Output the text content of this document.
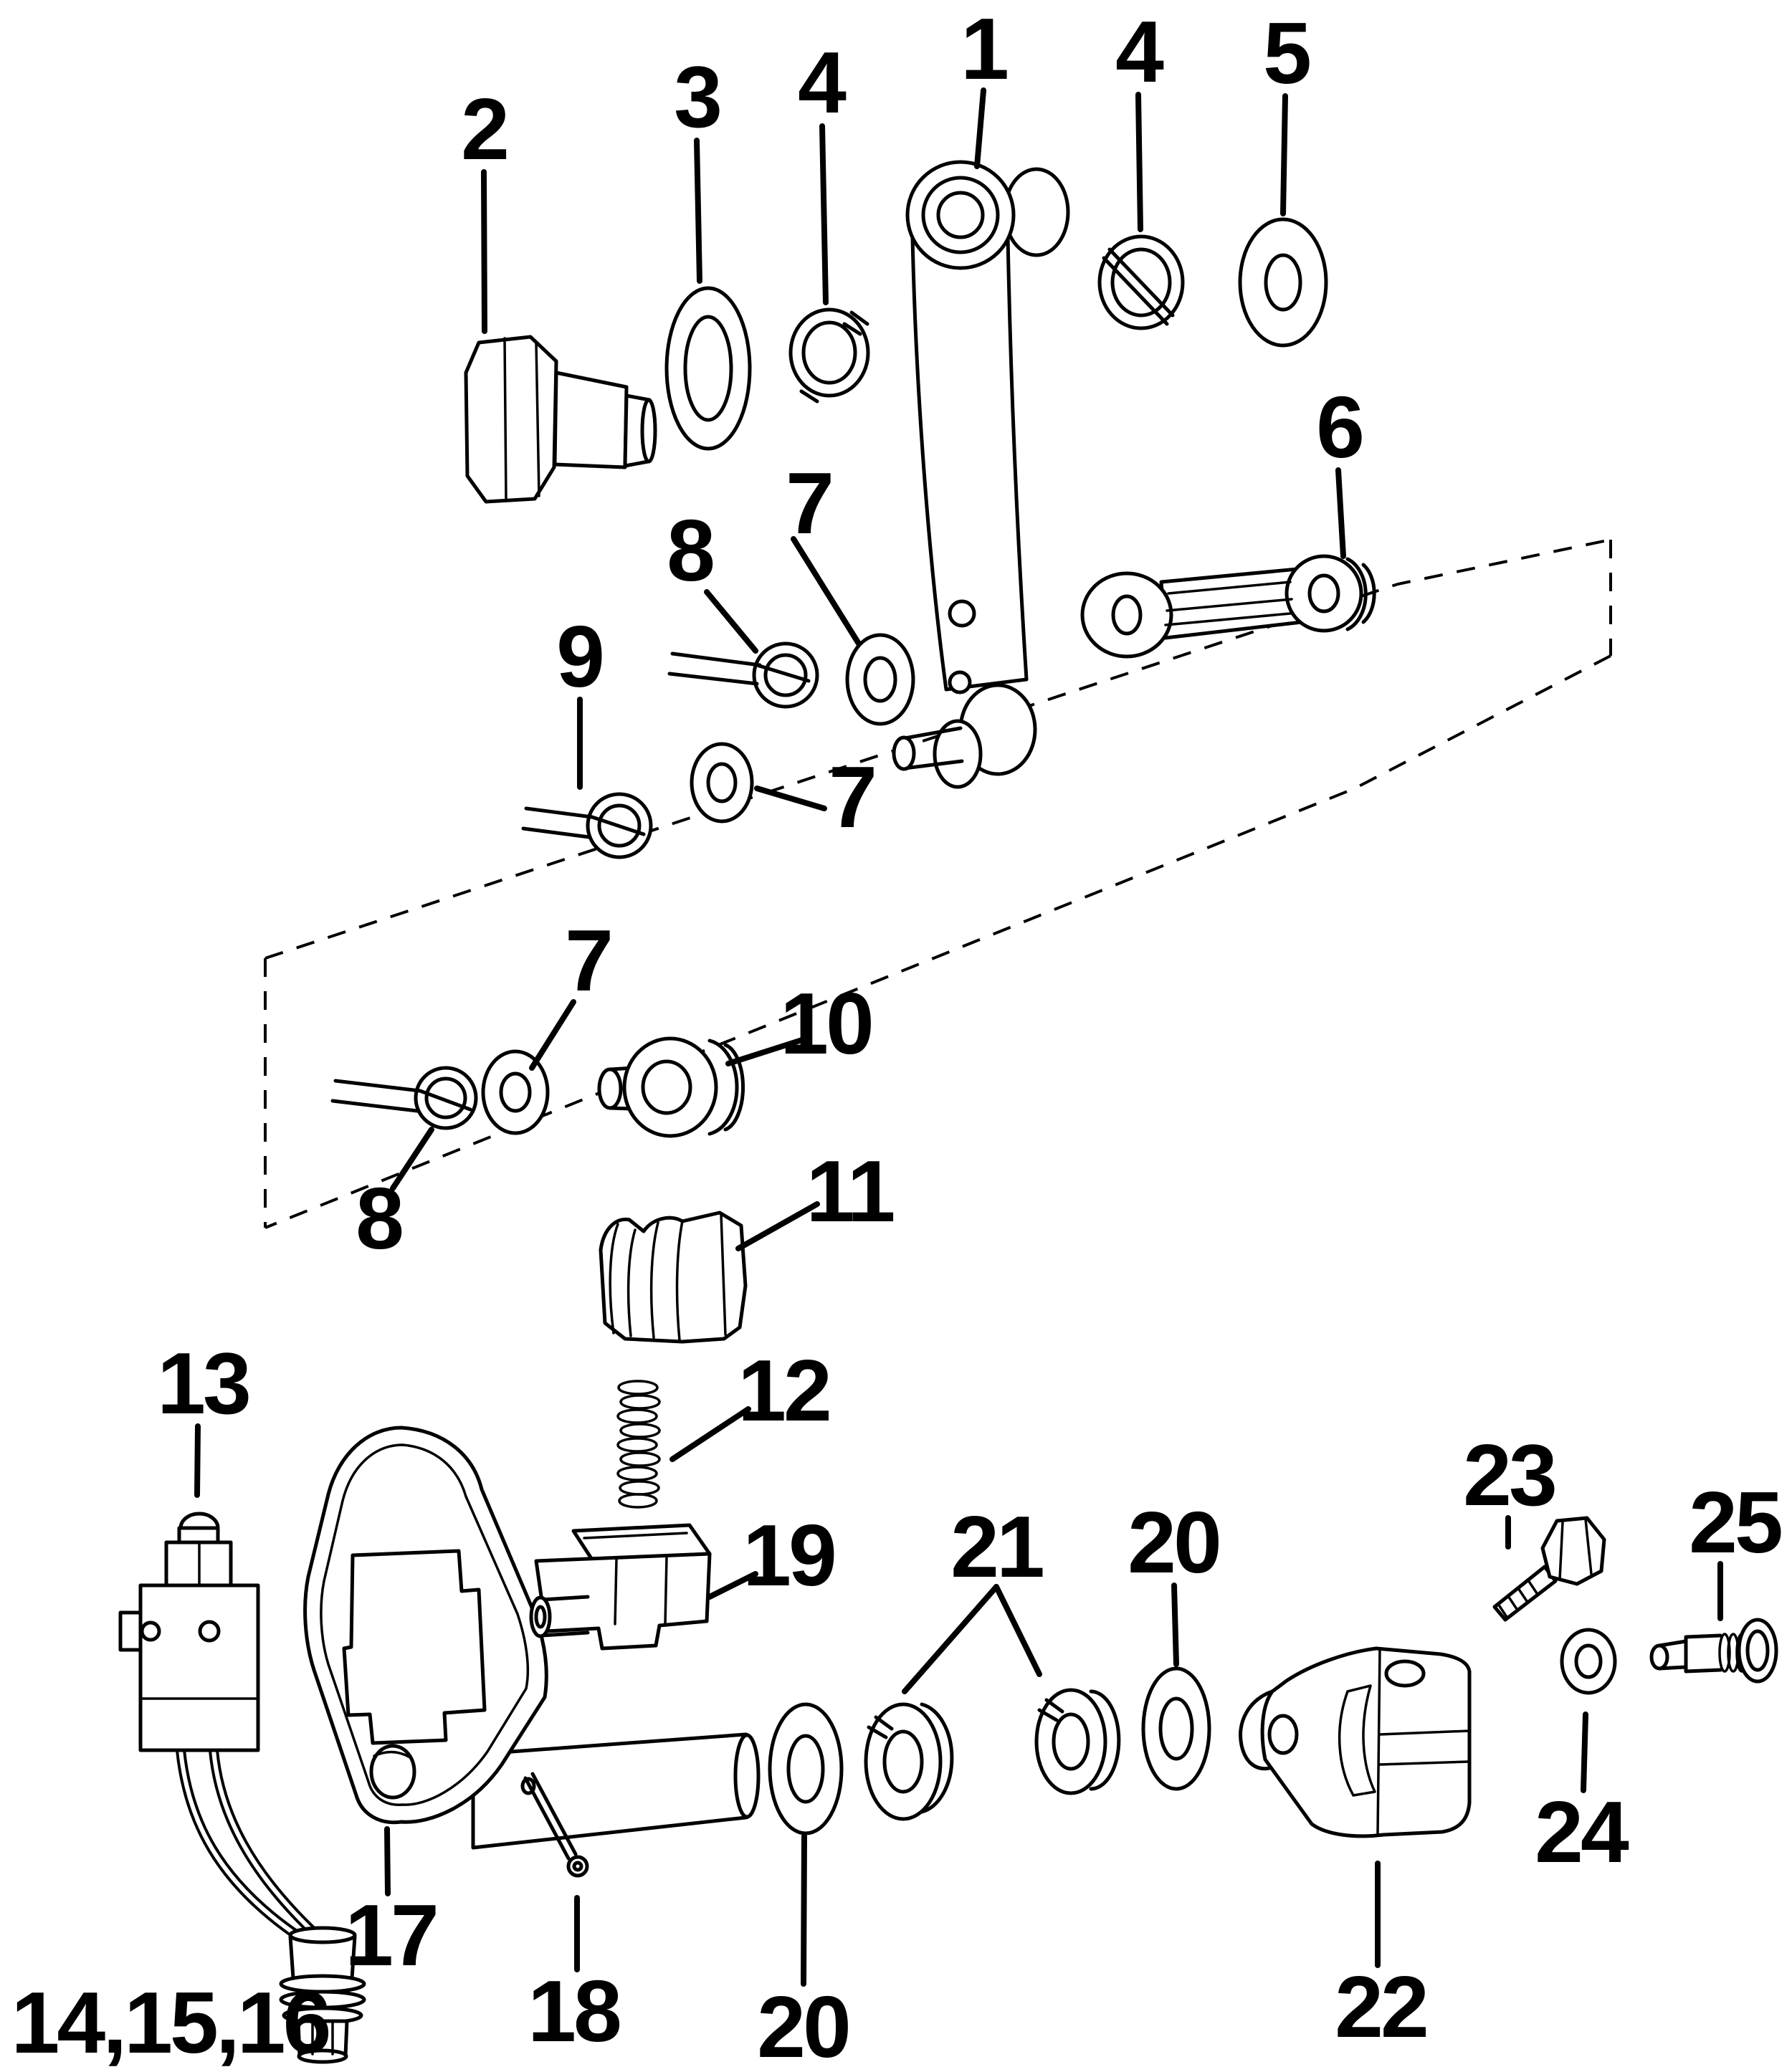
1
2 3 4	4 5
6
7
8
9
7
7
10
8	11
12
13
19 21 20
23 25
22
24
20
17
18
14,15,16
